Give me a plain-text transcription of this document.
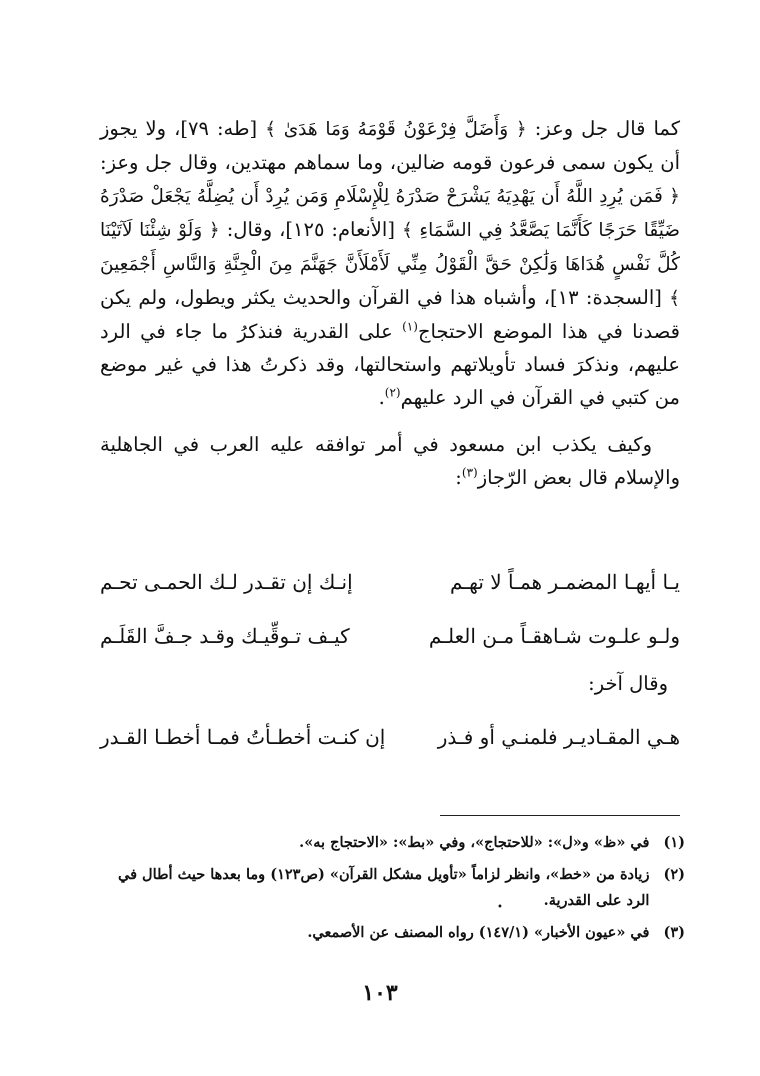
كما قال جل وعز: ﴿ وَأَضَلَّ فِرْعَوْنُ قَوْمَهُ وَمَا هَدَىٰ ﴾ [طه: ٧٩]، ولا يجوز أن يكون سمى فرعون قومه ضالين، وما سماهم مهتدين، وقال جل وعز: ﴿ فَمَن يُرِدِ اللَّهُ أَن يَهْدِيَهُ يَشْرَحْ صَدْرَهُ لِلْإِسْلَامِ وَمَن يُرِدْ أَن يُضِلَّهُ يَجْعَلْ صَدْرَهُ ضَيِّقًا حَرَجًا كَأَنَّمَا يَصَّعَّدُ فِي السَّمَاءِ ﴾ [الأنعام: ١٢٥]، وقال: ﴿ وَلَوْ شِئْنَا لَآتَيْنَا كُلَّ نَفْسٍ هُدَاهَا وَلَٰكِنْ حَقَّ الْقَوْلُ مِنِّي لَأَمْلَأَنَّ جَهَنَّمَ مِنَ الْجِنَّةِ وَالنَّاسِ أَجْمَعِينَ ﴾ [السجدة: ١٣]، وأشباه هذا في القرآن والحديث يكثر ويطول، ولم يكن قصدنا في هذا الموضع الاحتجاج$^{(١)}$ على القدرية فنذكرُ ما جاء في الرد عليهم، ونذكرَ فساد تأويلاتهم واستحالتها، وقد ذكرتُ هذا في غير موضع من كتبي في القرآن في الرد عليهم$^{(٢)}$.

وكيف يكذب ابن مسعود في أمر توافقه عليه العرب في الجاهلية والإسلام قال بعض الرّجاز$^{(٣)}$:

يـا أيهـا المضمـر همـاً لا تهـم
إنـك إن تقـدر لـك الحمـى تحـم
ولـو علـوت شـاهقـاً مـن العلـم
كيـف تـوقِّيـك وقـد جـفَّ القَلَـم
وقال آخر:
هـي المقـاديـر فلمنـي أو فـذر
إن كنـت أخطـأتُ فمـا أخطـا القـدر
(١)
في «ظ» و«ل»: «للاحتجاج»، وفي «بط»: «الاحتجاج به».
(٢)
زيادة من «خط»، وانظر لزاماً «تأويل مشكل القرآن» (ص١٢٣) وما بعدها حيث أطال في الرد على القدرية.
(٣)
في «عيون الأخبار» (١٤٧/١) رواه المصنف عن الأصمعي.
•
١٠٣
